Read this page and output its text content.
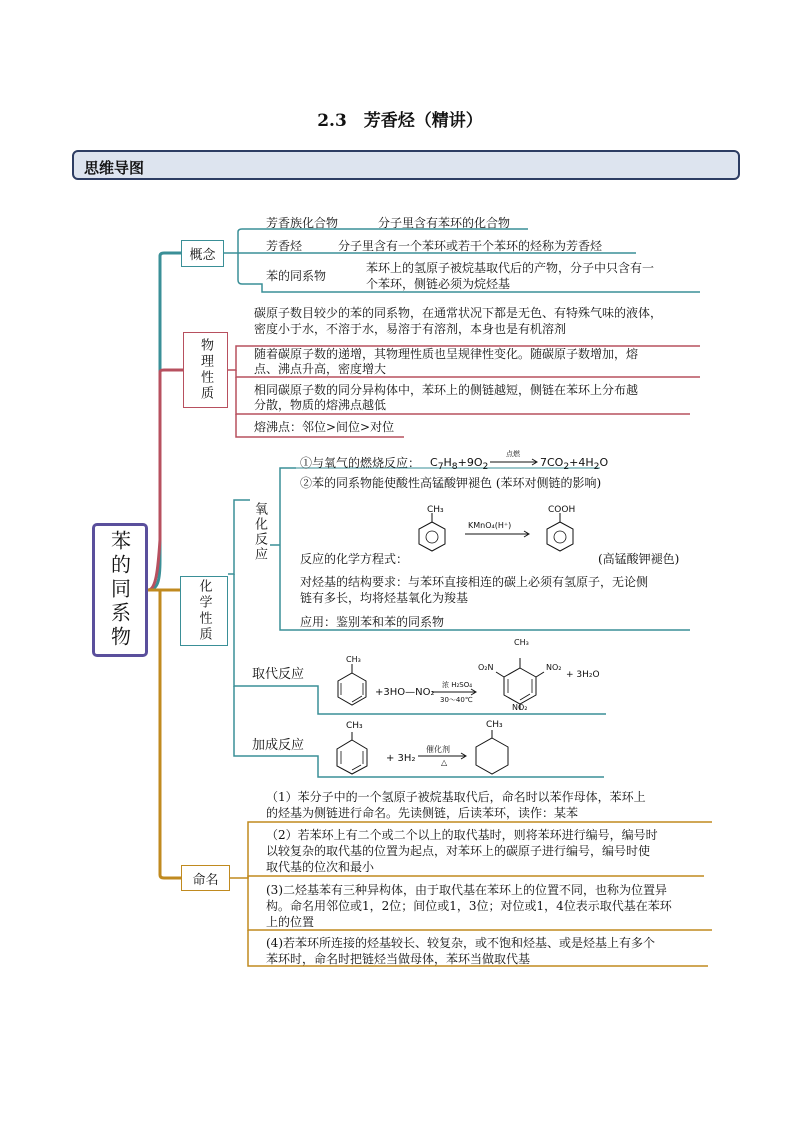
2.3　芳香烃（精讲）
思维导图
苯的同系物
概念
芳香族化合物	分子里含有苯环的化合物
芳香烃	分子里含有一个苯环或若干个苯环的烃称为芳香烃
苯的同系物
苯环上的氢原子被烷基取代后的产物，分子中只含有一
个苯环，侧链必须为烷烃基
物理性质
碳原子数目较少的苯的同系物，在通常状况下都是无色、有特殊气味的液体，
密度小于水，不溶于水，易溶于有溶剂，本身也是有机溶剂
随着碳原子数的递增，其物理性质也呈规律性变化。随碳原子数增加，熔
点、沸点升高，密度增大
相同碳原子数的同分异构体中，苯环上的侧链越短，侧链在苯环上分布越
分散，物质的熔沸点越低
熔沸点：邻位>间位>对位
化学性质
氧化反应
①与氧气的燃烧反应： $C_7H_8+9O_2$
点燃
$7CO_2+4H_2O$
②苯的同系物能使酸性高锰酸钾褪色 (苯环对侧链的影响)
CH₃
KMnO₄(H⁺)
COOH
反应的化学方程式：	(高锰酸钾褪色)
对烃基的结构要求：与苯环直接相连的碳上必须有氢原子，无论侧
链有多长，均将烃基氧化为羧基
应用：鉴别苯和苯的同系物
取代反应
CH₃
+3HO—NO₂
浓 H₂SO₄
30～40℃
CH₃
O₂N	NO₂
NO₂
+ 3H₂O
加成反应
CH₃
+ 3H₂
催化剂
△
CH₃
命名
（1）苯分子中的一个氢原子被烷基取代后，命名时以苯作母体，苯环上
的烃基为侧链进行命名。先读侧链，后读苯环，读作：某苯
（2）若苯环上有二个或二个以上的取代基时，则将苯环进行编号，编号时
以较复杂的取代基的位置为起点，对苯环上的碳原子进行编号，编号时使
取代基的位次和最小
(3)二烃基苯有三种异构体，由于取代基在苯环上的位置不同，也称为位置异
构。命名用邻位或1，2位；间位或1，3位；对位或1，4位表示取代基在苯环
上的位置
(4)若苯环所连接的烃基较长、较复杂，或不饱和烃基、或是烃基上有多个
苯环时，命名时把链烃当做母体，苯环当做取代基
